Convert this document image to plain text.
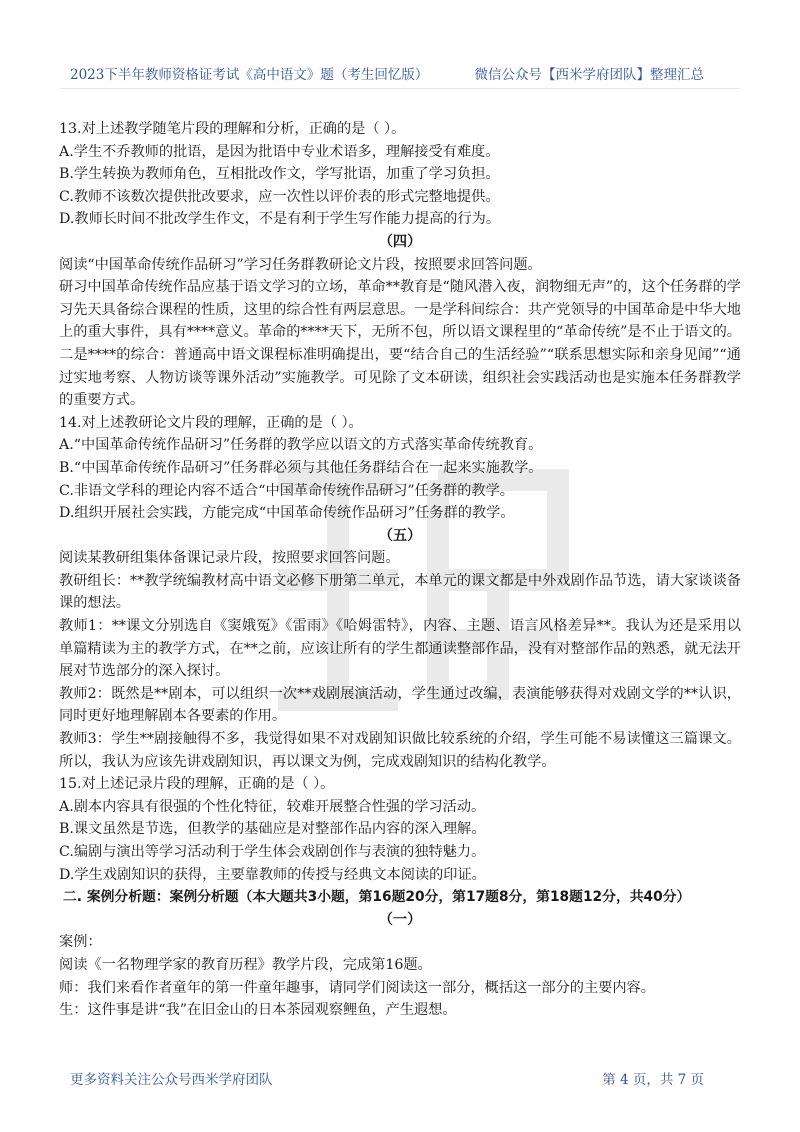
2023下半年教师资格证考试《高中语文》题（考生回忆版）	微信公众号【西米学府团队】整理汇总

13.对上述教学随笔片段的理解和分析，正确的是（ ）。

A.学生不乔教师的批语，是因为批语中专业术语多，理解接受有难度。

B.学生转换为教师角色，互相批改作文，学写批语，加重了学习负担。

C.教师不该数次提供批改要求，应一次性以评价表的形式完整地提供。

D.教师长时间不批改学生作文，不是有利于学生写作能力提高的行为。

（四）

阅读“中国革命传统作品研习”学习任务群教研论文片段，按照要求回答问题。

研习中国革命传统作品应基于语文学习的立场，革命**教育是“随风潜入夜，润物细无声”的，这个任务群的学习先天具备综合课程的性质，这里的综合性有两层意思。一是学科间综合：共产党领导的中国革命是中华大地上的重大事件，具有****意义。革命的****天下，无所不包，所以语文课程里的“革命传统”是不止于语文的。二是****的综合：普通高中语文课程标准明确提出，要“结合自己的生活经验”“联系思想实际和亲身见闻”“通过实地考察、人物访谈等课外活动”实施教学。可见除了文本研读，组织社会实践活动也是实施本任务群教学的重要方式。

14.对上述教研论文片段的理解，正确的是（ ）。

A.“中国革命传统作品研习”任务群的教学应以语文的方式落实革命传统教育。

B.“中国革命传统作品研习”任务群必须与其他任务群结合在一起来实施教学。

C.非语文学科的理论内容不适合“中国革命传统作品研习”任务群的教学。

D.组织开展社会实践，方能完成“中国革命传统作品研习”任务群的教学。

（五）

阅读某教研组集体备课记录片段，按照要求回答问题。

教研组长：**教学统编教材高中语文必修下册第二单元，本单元的课文都是中外戏剧作品节选，请大家谈谈备课的想法。

教师1：**课文分别选自《窦娥冤》《雷雨》《哈姆雷特》，内容、主题、语言风格差异**。我认为还是采用以单篇精读为主的教学方式，在**之前，应该让所有的学生都通读整部作品，没有对整部作品的熟悉，就无法开展对节选部分的深入探讨。

教师2：既然是**剧本，可以组织一次**戏剧展演活动，学生通过改编，表演能够获得对戏剧文学的**认识，同时更好地理解剧本各要素的作用。

教师3：学生**剧接触得不多，我觉得如果不对戏剧知识做比较系统的介绍，学生可能不易读懂这三篇课文。所以，我认为应该先讲戏剧知识，再以课文为例，完成戏剧知识的结构化教学。

15.对上述记录片段的理解，正确的是（ ）。

A.剧本内容具有很强的个性化特征，较难开展整合性强的学习活动。

B.课文虽然是节选，但教学的基础应是对整部作品内容的深入理解。

C.编剧与演出等学习活动利于学生体会戏剧创作与表演的独特魅力。

D.学生戏剧知识的获得，主要靠教师的传授与经典文本阅读的印证。

二. 案例分析题：案例分析题（本大题共3小题，第16题20分，第17题8分，第18题12分，共40分）

（一）

案例：

阅读《一名物理学家的教育历程》教学片段，完成第16题。

师：我们来看作者童年的第一件童年趣事，请同学们阅读这一部分，概括这一部分的主要内容。

生：这件事是讲“我”在旧金山的日本茶园观察鲤鱼，产生遐想。

更多资料关注公众号西米学府团队	第 4 页，共 7 页
